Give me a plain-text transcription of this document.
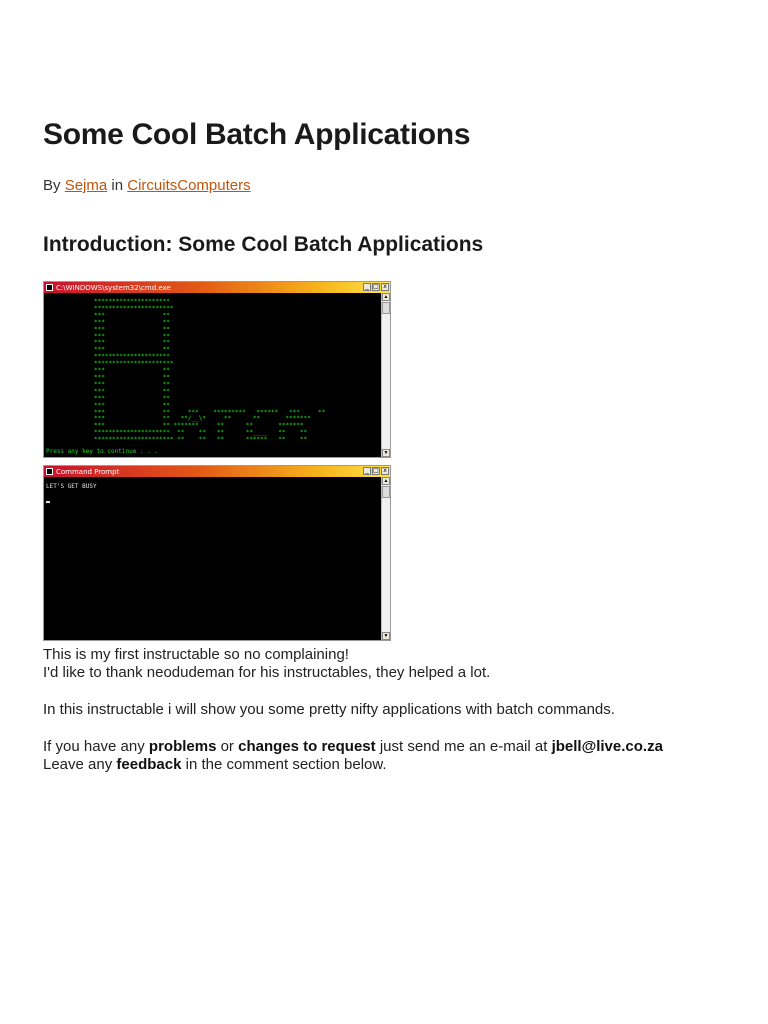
Some Cool Batch Applications
By Sejma in CircuitsComputers
Introduction: Some Cool Batch Applications
C:\WINDOWS\system32\cmd.exe	_ □ x
*********************
**********************
***                **
***                **
***                **
***                **
***                **
***                **
*********************
**********************
***                **
***                **
***                **
***                **
***                **
***                **
***                **     ***    *********   ******   ***     **
***                **   **/__\*     **      **       *******
***                ** *******     **      **       *******
*********************  **    **   **      **____   **    **
********************** **    **   **      ******   **    **
Press any key to continue . . .
▲
▼
Command Prompt	_ □ x
LET'S GET BUSY
▲
▼
This is my first instructable so no complaining!
I'd like to thank neodudeman for his instructables, they helped a lot.
In this instructable i will show you some pretty nifty applications with batch commands.
If you have any problems or changes to request just send me an e-mail at jbell@live.co.za
Leave any feedback in the comment section below.
